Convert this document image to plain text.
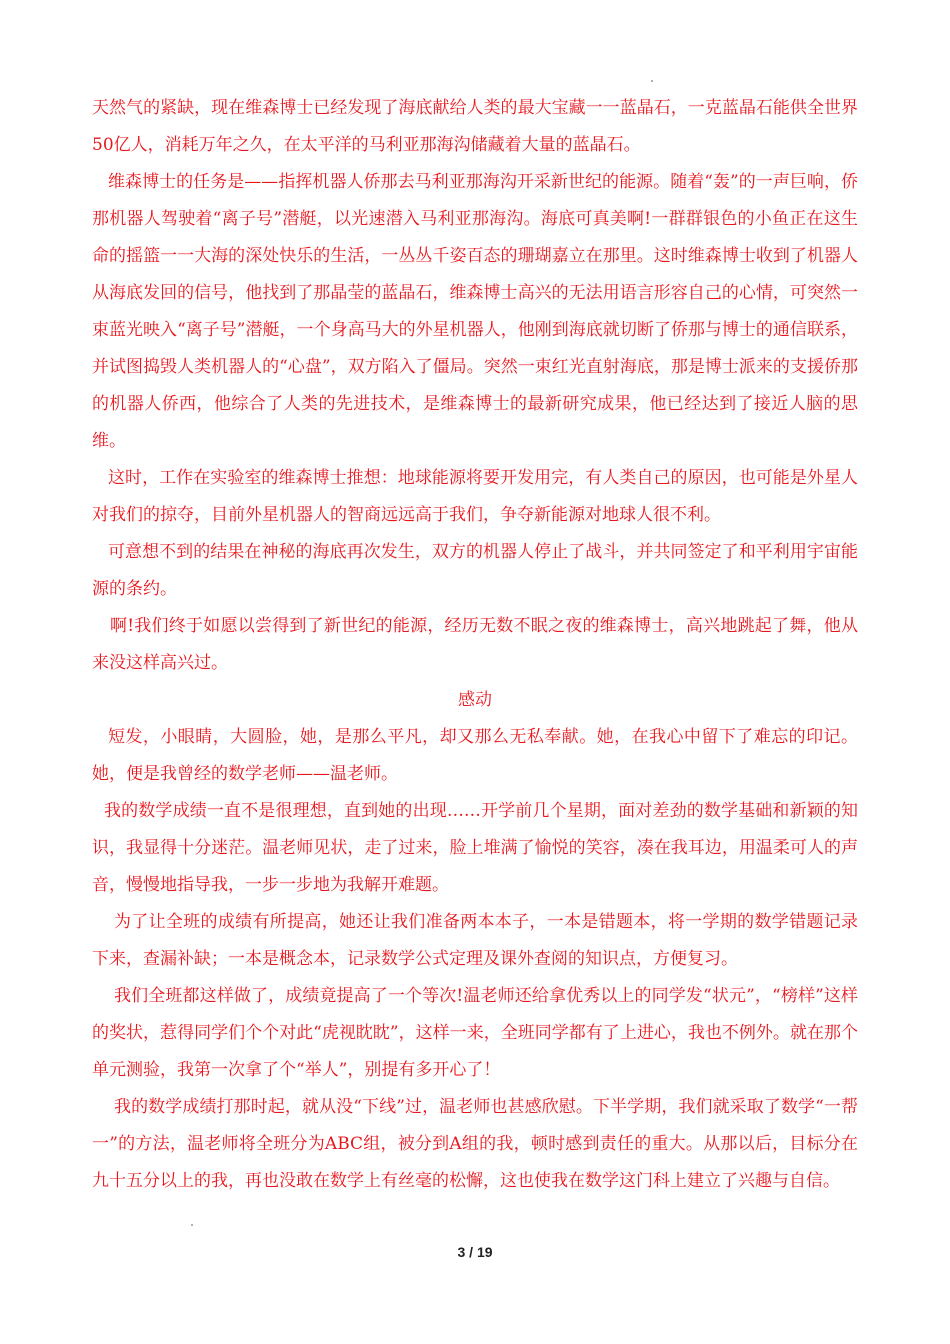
天然气的紧缺，现在维森博士已经发现了海底献给人类的最大宝藏一一蓝晶石，一克蓝晶石能供全世界50亿人，消耗万年之久，在太平洋的马利亚那海沟储藏着大量的蓝晶石。

维森博士的任务是——指挥机器人侨那去马利亚那海沟开采新世纪的能源。随着“轰”的一声巨响，侨那机器人驾驶着“离子号”潜艇，以光速潜入马利亚那海沟。海底可真美啊!一群群银色的小鱼正在这生命的摇篮一一大海的深处快乐的生活，一丛丛千姿百态的珊瑚嘉立在那里。这时维森博士收到了机器人从海底发回的信号，他找到了那晶莹的蓝晶石，维森博士高兴的无法用语言形容自己的心情，可突然一束蓝光映入“离子号”潜艇，一个身高马大的外星机器人，他刚到海底就切断了侨那与博士的通信联系，并试图捣毁人类机器人的“心盘”，双方陷入了僵局。突然一束红光直射海底，那是博士派来的支援侨那的机器人侨西，他综合了人类的先进技术，是维森博士的最新研究成果，他已经达到了接近人脑的思维。

这时，工作在实验室的维森博士推想：地球能源将要开发用完，有人类自己的原因，也可能是外星人对我们的掠夺，目前外星机器人的智商远远高于我们，争夺新能源对地球人很不利。

可意想不到的结果在神秘的海底再次发生，双方的机器人停止了战斗，并共同签定了和平利用宇宙能源的条约。

啊!我们终于如愿以尝得到了新世纪的能源，经历无数不眠之夜的维森博士，高兴地跳起了舞，他从来没这样高兴过。

感动

短发，小眼睛，大圆脸，她，是那么平凡，却又那么无私奉献。她，在我心中留下了难忘的印记。她，便是我曾经的数学老师——温老师。

我的数学成绩一直不是很理想，直到她的出现……开学前几个星期，面对差劲的数学基础和新颖的知识，我显得十分迷茫。温老师见状，走了过来，脸上堆满了愉悦的笑容，凑在我耳边，用温柔可人的声音，慢慢地指导我，一步一步地为我解开难题。

为了让全班的成绩有所提高，她还让我们准备两本本子，一本是错题本，将一学期的数学错题记录下来，查漏补缺；一本是概念本，记录数学公式定理及课外查阅的知识点，方便复习。

我们全班都这样做了，成绩竟提高了一个等次!温老师还给拿优秀以上的同学发“状元”，“榜样”这样的奖状，惹得同学们个个对此“虎视眈眈”，这样一来，全班同学都有了上进心，我也不例外。就在那个单元测验，我第一次拿了个“举人”，别提有多开心了！

我的数学成绩打那时起，就从没“下线”过，温老师也甚感欣慰。下半学期，我们就采取了数学“一帮一”的方法，温老师将全班分为ABC组，被分到A组的我，顿时感到责任的重大。从那以后，目标分在九十五分以上的我，再也没敢在数学上有丝毫的松懈，这也使我在数学这门科上建立了兴趣与自信。

3 / 19
